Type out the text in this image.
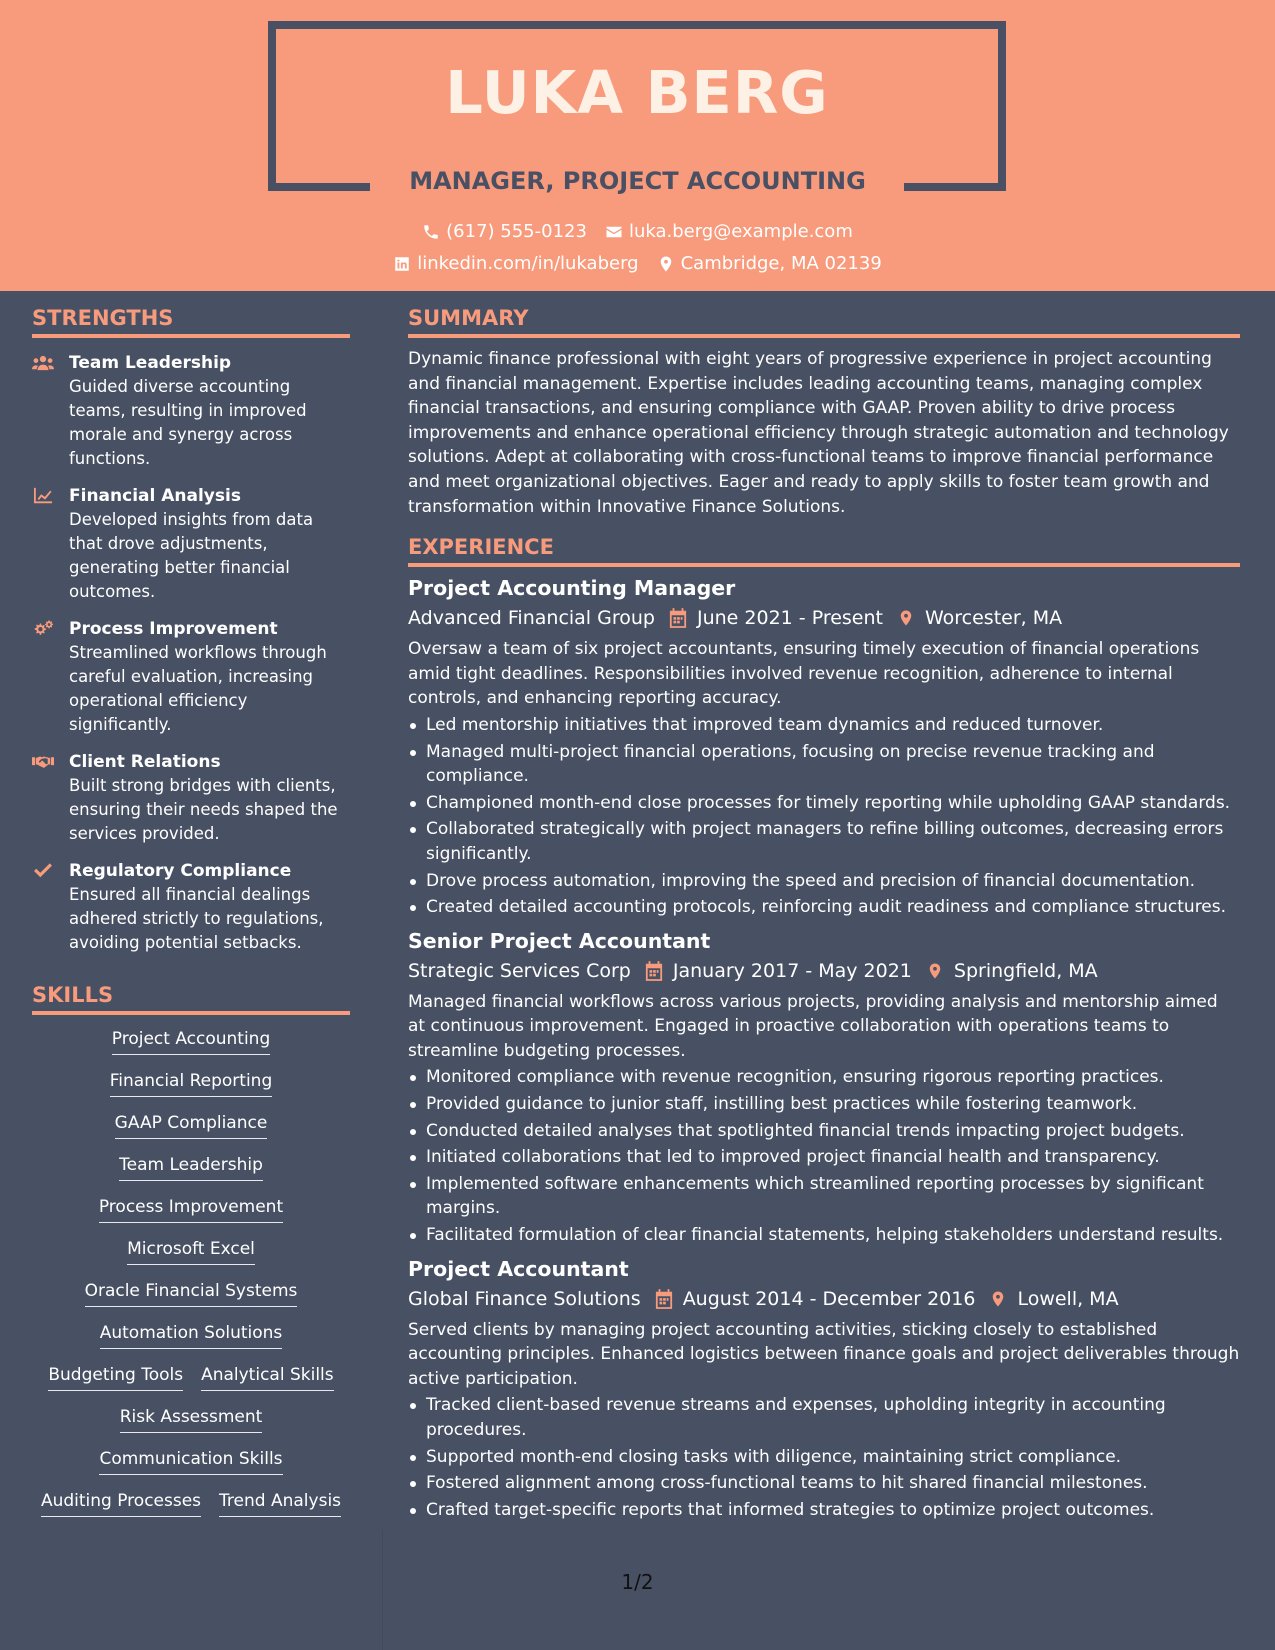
LUKA BERG
MANAGER, PROJECT ACCOUNTING
(617) 555-0123 luka.berg@example.com
linkedin.com/in/lukaberg Cambridge, MA 02139
STRENGTHS
Team Leadership
Guided diverse accounting teams, resulting in improved morale and synergy across functions.
Financial Analysis
Developed insights from data that drove adjustments, generating better financial outcomes.
Process Improvement
Streamlined workflows through careful evaluation, increasing operational efficiency significantly.
Client Relations
Built strong bridges with clients, ensuring their needs shaped the services provided.
Regulatory Compliance
Ensured all financial dealings adhered strictly to regulations, avoiding potential setbacks.
SKILLS
Project Accounting
Financial Reporting
GAAP Compliance
Team Leadership
Process Improvement
Microsoft Excel
Oracle Financial Systems
Automation Solutions
Budgeting Tools Analytical Skills
Risk Assessment
Communication Skills
Auditing Processes Trend Analysis
SUMMARY
Dynamic finance professional with eight years of progressive experience in project accounting and financial management. Expertise includes leading accounting teams, managing complex financial transactions, and ensuring compliance with GAAP. Proven ability to drive process improvements and enhance operational efficiency through strategic automation and technology solutions. Adept at collaborating with cross-functional teams to improve financial performance and meet organizational objectives. Eager and ready to apply skills to foster team growth and transformation within Innovative Finance Solutions.
EXPERIENCE
Project Accounting Manager
Advanced Financial Group June 2021 - Present Worcester, MA
Oversaw a team of six project accountants, ensuring timely execution of financial operations amid tight deadlines. Responsibilities involved revenue recognition, adherence to internal controls, and enhancing reporting accuracy.
Led mentorship initiatives that improved team dynamics and reduced turnover.
Managed multi-project financial operations, focusing on precise revenue tracking and compliance.
Championed month-end close processes for timely reporting while upholding GAAP standards.
Collaborated strategically with project managers to refine billing outcomes, decreasing errors significantly.
Drove process automation, improving the speed and precision of financial documentation.
Created detailed accounting protocols, reinforcing audit readiness and compliance structures.
Senior Project Accountant
Strategic Services Corp January 2017 - May 2021 Springfield, MA
Managed financial workflows across various projects, providing analysis and mentorship aimed at continuous improvement. Engaged in proactive collaboration with operations teams to streamline budgeting processes.
Monitored compliance with revenue recognition, ensuring rigorous reporting practices.
Provided guidance to junior staff, instilling best practices while fostering teamwork.
Conducted detailed analyses that spotlighted financial trends impacting project budgets.
Initiated collaborations that led to improved project financial health and transparency.
Implemented software enhancements which streamlined reporting processes by significant margins.
Facilitated formulation of clear financial statements, helping stakeholders understand results.
Project Accountant
Global Finance Solutions August 2014 - December 2016 Lowell, MA
Served clients by managing project accounting activities, sticking closely to established accounting principles. Enhanced logistics between finance goals and project deliverables through active participation.
Tracked client-based revenue streams and expenses, upholding integrity in accounting procedures.
Supported month-end closing tasks with diligence, maintaining strict compliance.
Fostered alignment among cross-functional teams to hit shared financial milestones.
Crafted target-specific reports that informed strategies to optimize project outcomes.
1/2
